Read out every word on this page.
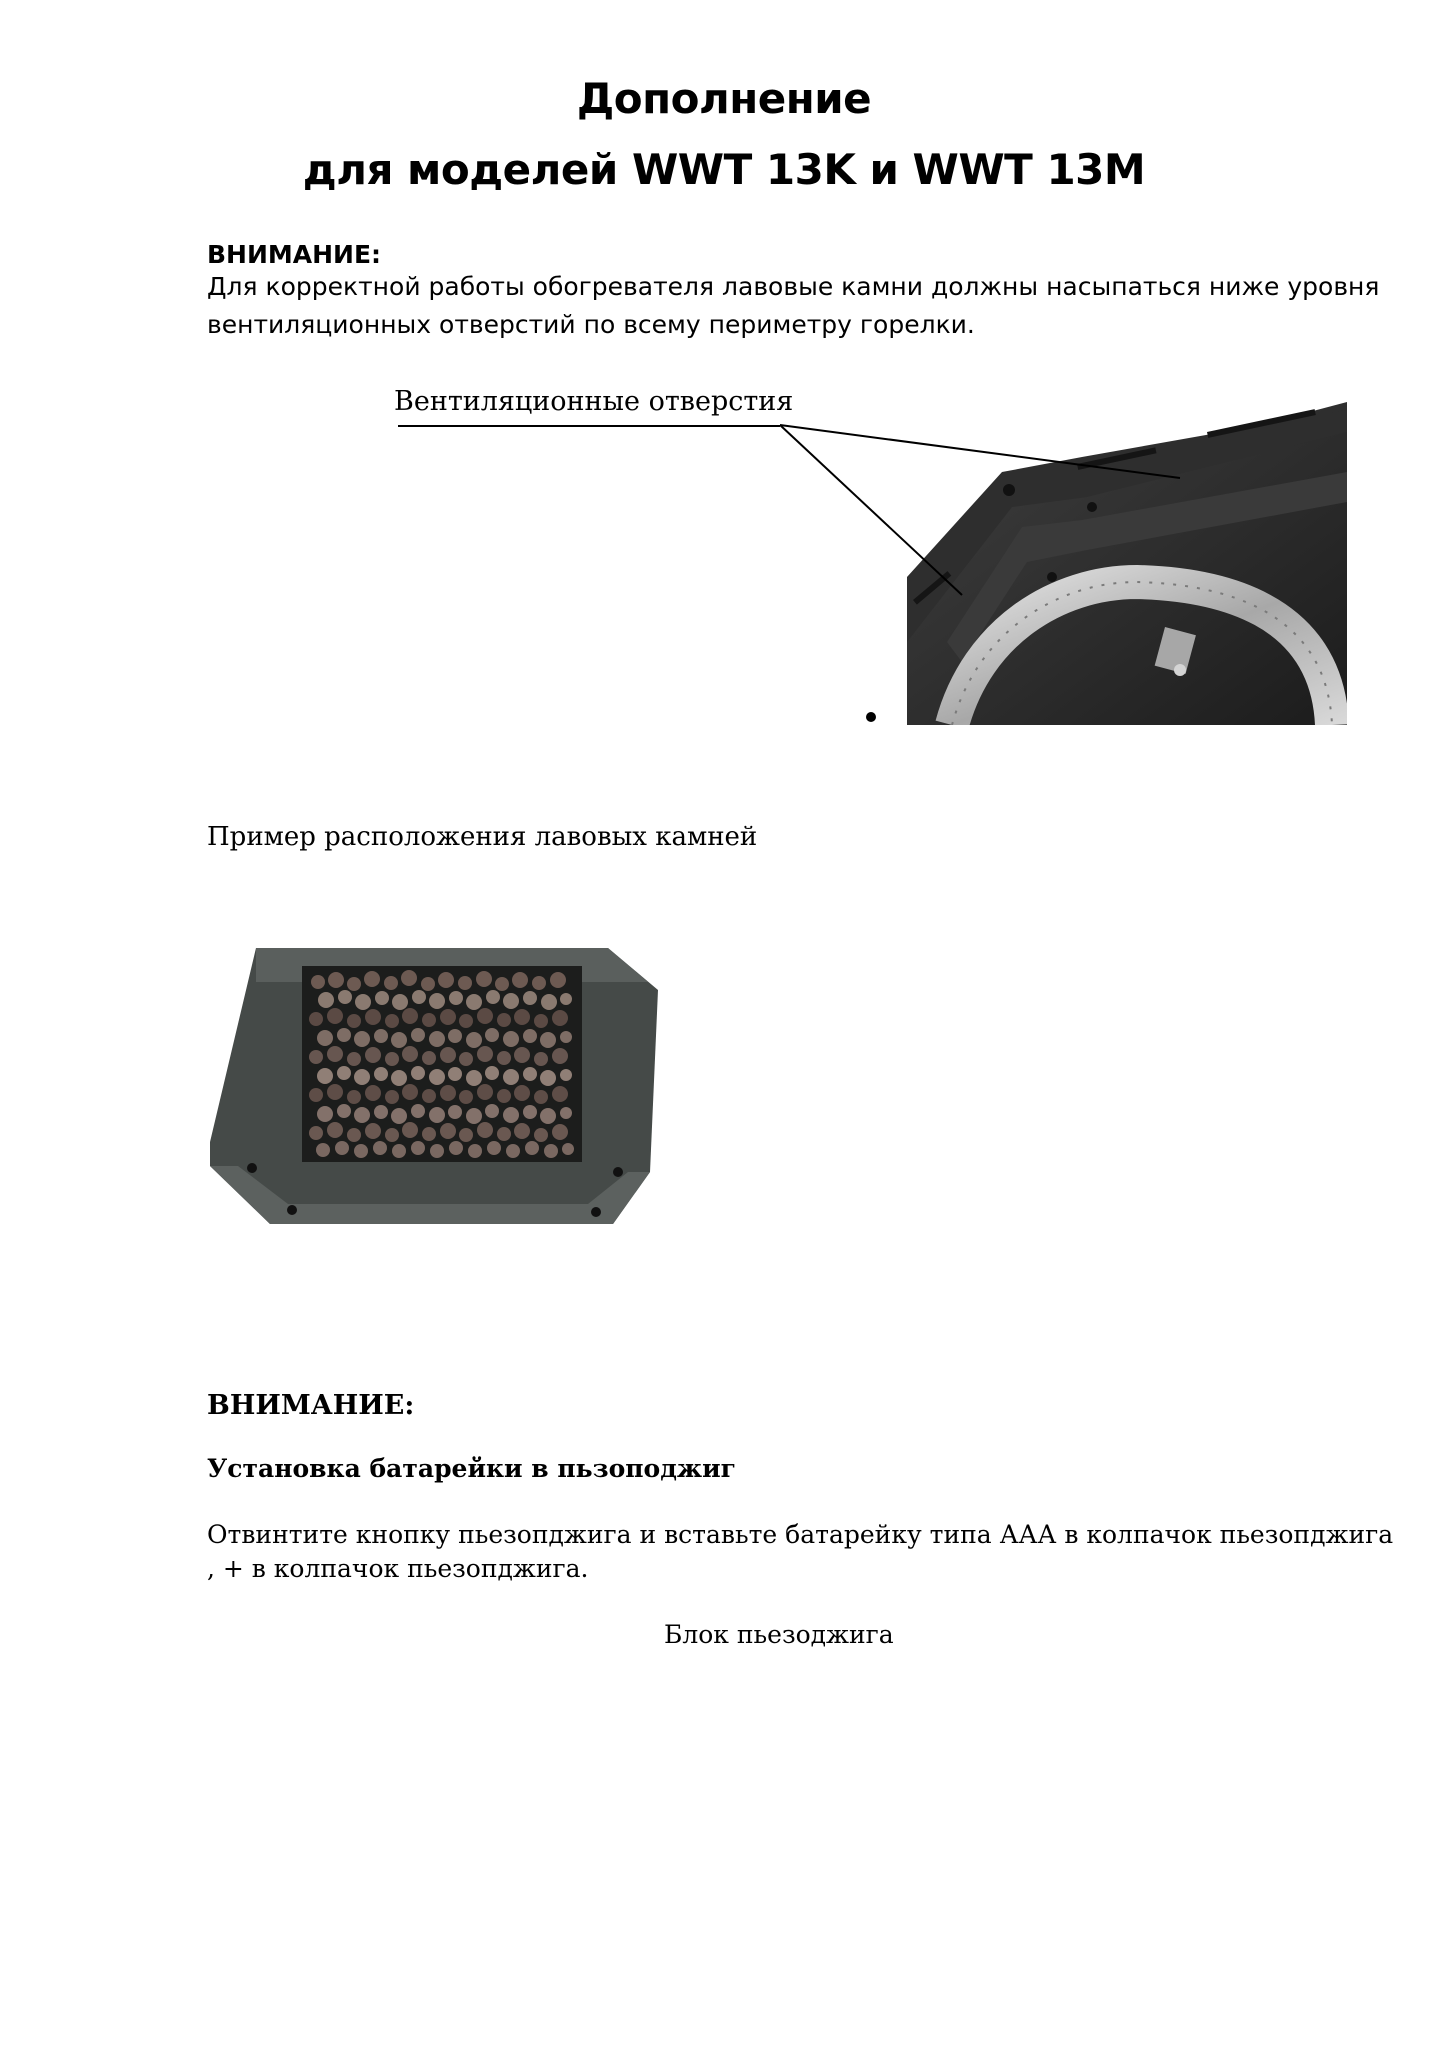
Дополнение
для моделей WWT 13K и WWT 13M

ВНИМАНИЕ:

Для корректной работы обогревателя лавовые камни должны насыпаться ниже уровня
вентиляционных отверстий по всему периметру горелки.

Вентиляционные отверстия

Пример расположения лавовых камней

ВНИМАНИЕ:

Установка батарейки в пьзоподжиг

Отвинтите кнопку пьезопджига и вставьте батарейку типа ААА в колпачок пьезопджига
, + в колпачок пьезопджига.

Блок пьезоджига
